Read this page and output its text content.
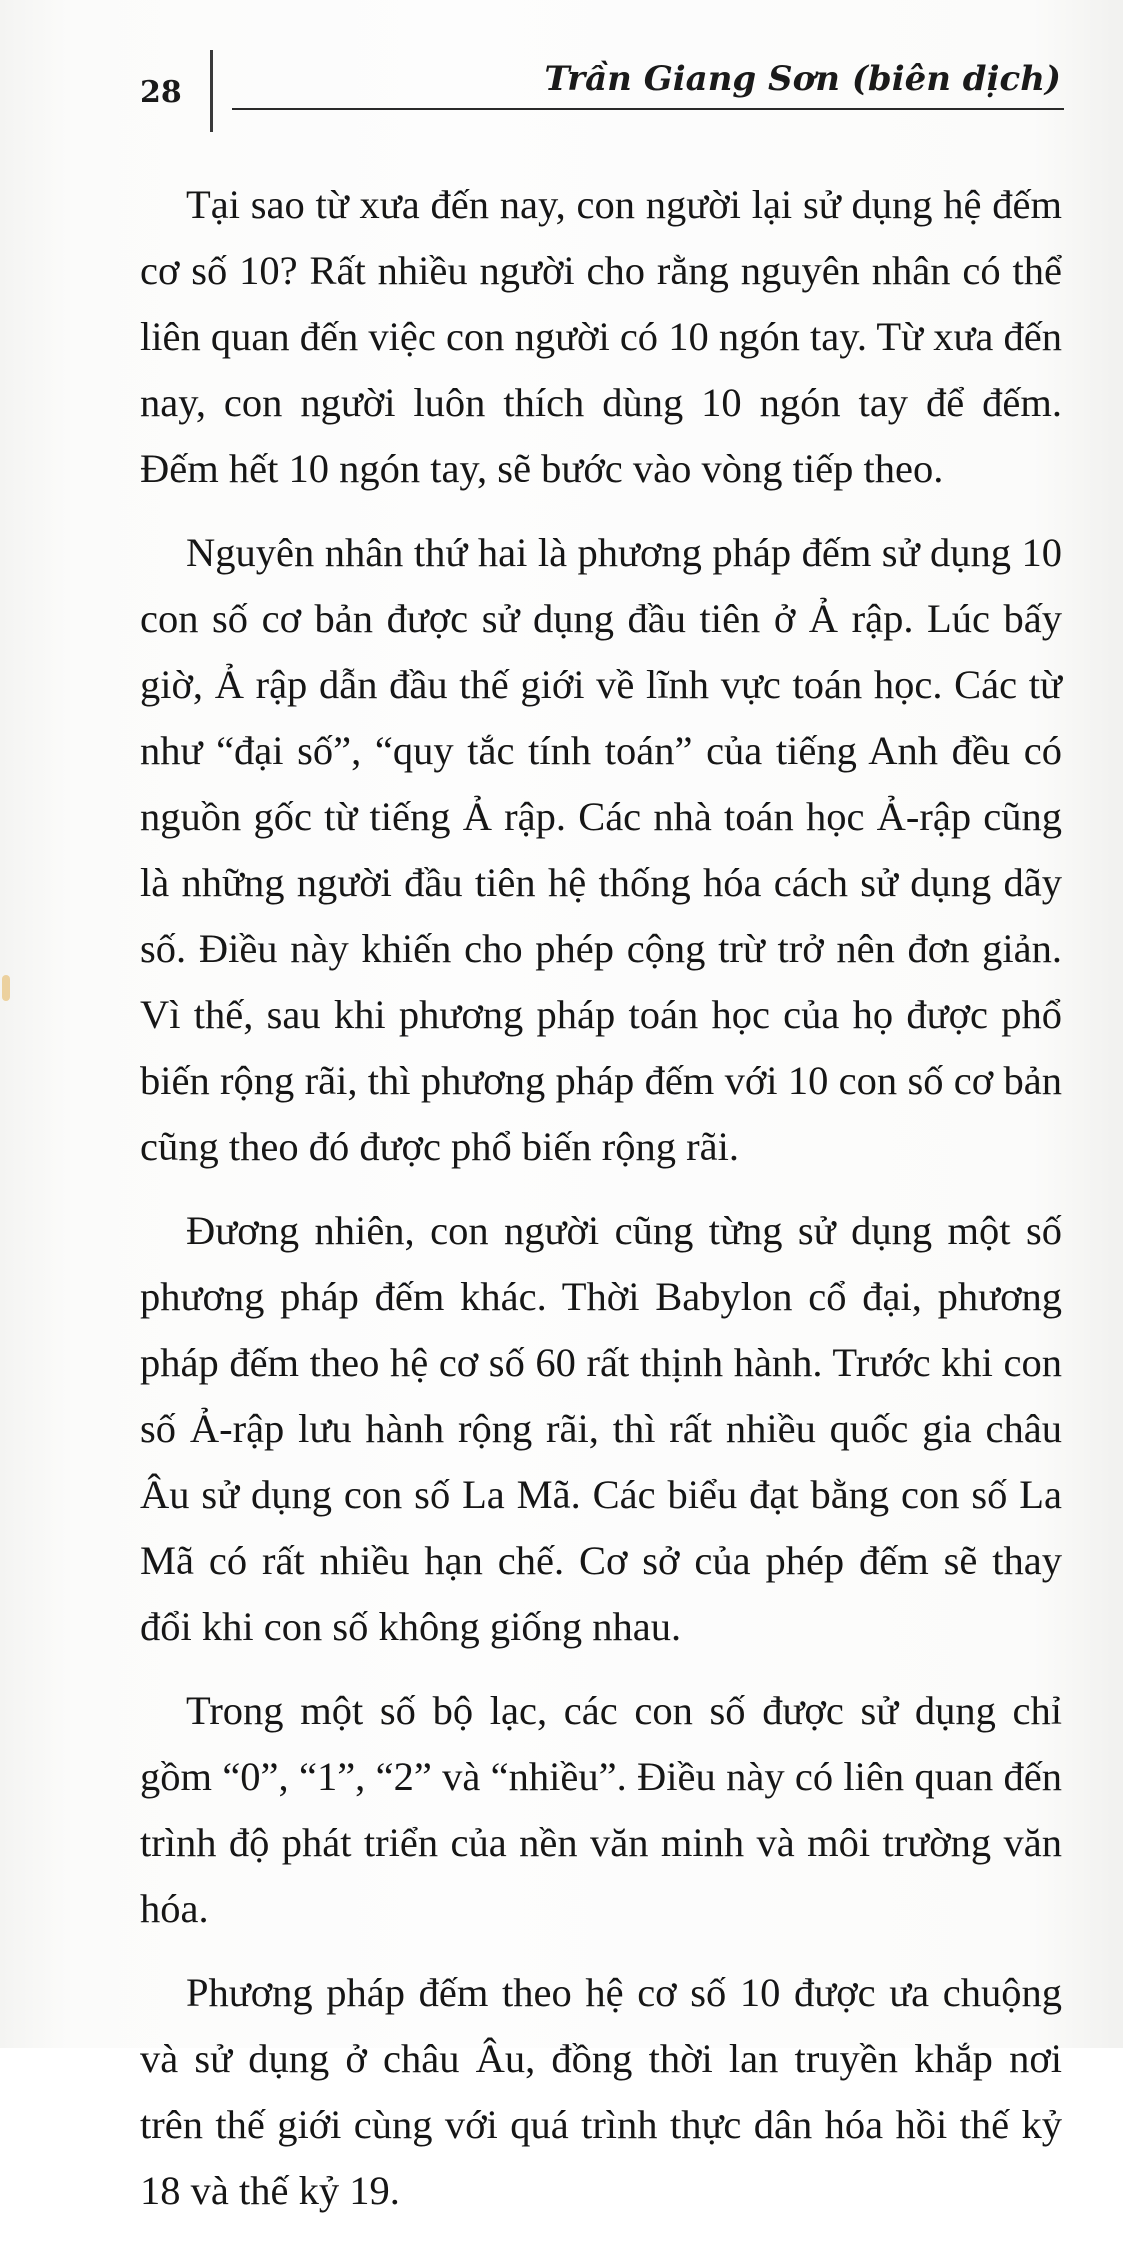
28	Trần Giang Sơn (biên dịch)

Tại sao từ xưa đến nay, con người lại sử dụng hệ đếm cơ số 10? Rất nhiều người cho rằng nguyên nhân có thể liên quan đến việc con người có 10 ngón tay. Từ xưa đến nay, con người luôn thích dùng 10 ngón tay để đếm. Đếm hết 10 ngón tay, sẽ bước vào vòng tiếp theo.

Nguyên nhân thứ hai là phương pháp đếm sử dụng 10 con số cơ bản được sử dụng đầu tiên ở Ả rập. Lúc bấy giờ, Ả rập dẫn đầu thế giới về lĩnh vực toán học. Các từ như “đại số”, “quy tắc tính toán” của tiếng Anh đều có nguồn gốc từ tiếng Ả rập. Các nhà toán học Ả-rập cũng là những người đầu tiên hệ thống hóa cách sử dụng dãy số. Điều này khiến cho phép cộng trừ trở nên đơn giản. Vì thế, sau khi phương pháp toán học của họ được phổ biến rộng rãi, thì phương pháp đếm với 10 con số cơ bản cũng theo đó được phổ biến rộng rãi.

Đương nhiên, con người cũng từng sử dụng một số phương pháp đếm khác. Thời Babylon cổ đại, phương pháp đếm theo hệ cơ số 60 rất thịnh hành. Trước khi con số Ả-rập lưu hành rộng rãi, thì rất nhiều quốc gia châu Âu sử dụng con số La Mã. Các biểu đạt bằng con số La Mã có rất nhiều hạn chế. Cơ sở của phép đếm sẽ thay đổi khi con số không giống nhau.

Trong một số bộ lạc, các con số được sử dụng chỉ gồm “0”, “1”, “2” và “nhiều”. Điều này có liên quan đến trình độ phát triển của nền văn minh và môi trường văn hóa.

Phương pháp đếm theo hệ cơ số 10 được ưa chuộng và sử dụng ở châu Âu, đồng thời lan truyền khắp nơi trên thế giới cùng với quá trình thực dân hóa hồi thế kỷ 18 và thế kỷ 19.
